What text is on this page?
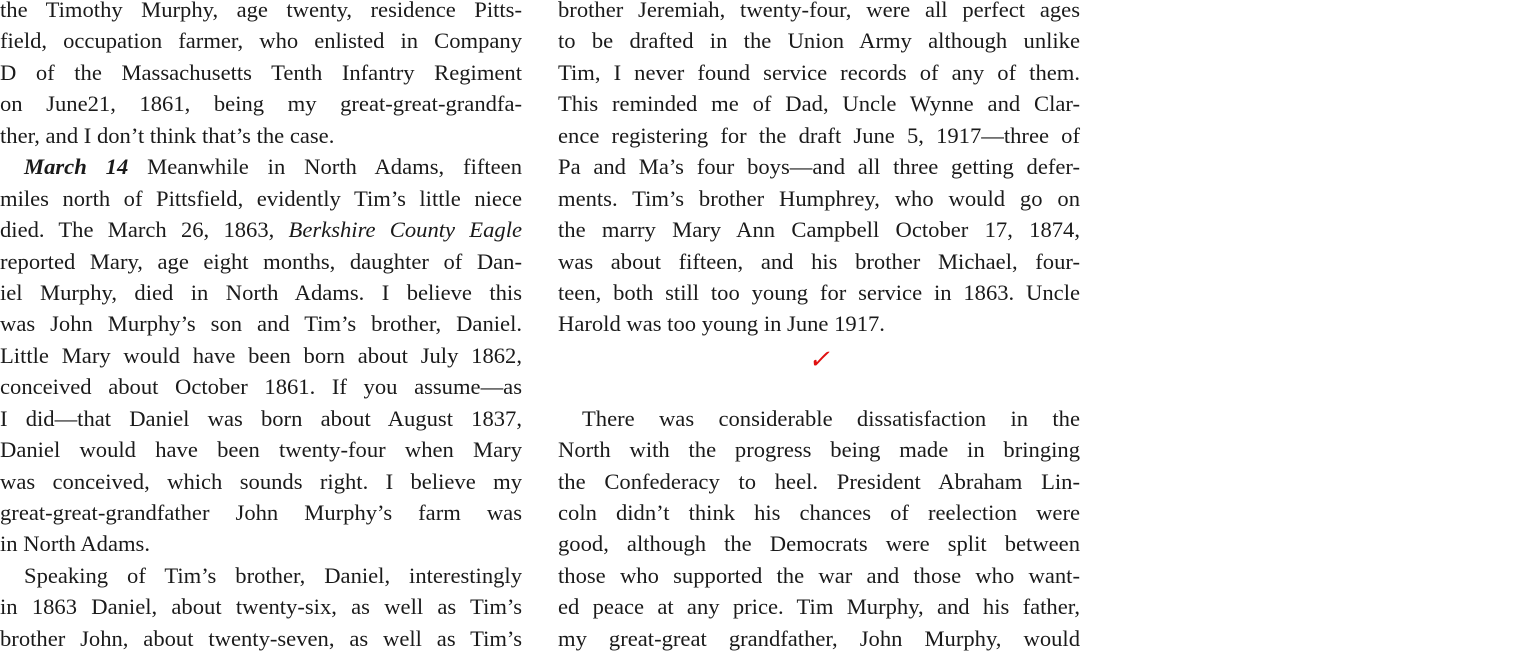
the Timothy Murphy, age twenty, residence Pitts-
field, occupation farmer, who enlisted in Company
D of the Massachusetts Tenth Infantry Regiment
on June21, 1861, being my great-great-grandfa-
ther, and I don’t think that’s the case.
March 14 Meanwhile in North Adams, fifteen
miles north of Pittsfield, evidently Tim’s little niece
died. The March 26, 1863, Berkshire County Eagle
reported Mary, age eight months, daughter of Dan-
iel Murphy, died in North Adams. I believe this
was John Murphy’s son and Tim’s brother, Daniel.
Little Mary would have been born about July 1862,
conceived about October 1861. If you assume—as
I did—that Daniel was born about August 1837,
Daniel would have been twenty-four when Mary
was conceived, which sounds right. I believe my
great-great-grandfather John Murphy’s farm was
in North Adams.
Speaking of Tim’s brother, Daniel, interestingly
in 1863 Daniel, about twenty-six, as well as Tim’s
brother John, about twenty-seven, as well as Tim’s
brother Jeremiah, twenty-four, were all perfect ages
to be drafted in the Union Army although unlike
Tim, I never found service records of any of them.
This reminded me of Dad, Uncle Wynne and Clar-
ence registering for the draft June 5, 1917—three of
Pa and Ma’s four boys—and all three getting defer-
ments. Tim’s brother Humphrey, who would go on
the marry Mary Ann Campbell October 17, 1874,
was about fifteen, and his brother Michael, four-
teen, both still too young for service in 1863. Uncle
Harold was too young in June 1917.
✓
There was considerable dissatisfaction in the
North with the progress being made in bringing
the Confederacy to heel. President Abraham Lin-
coln didn’t think his chances of reelection were
good, although the Democrats were split between
those who supported the war and those who want-
ed peace at any price. Tim Murphy, and his father,
my great-great grandfather, John Murphy, would
